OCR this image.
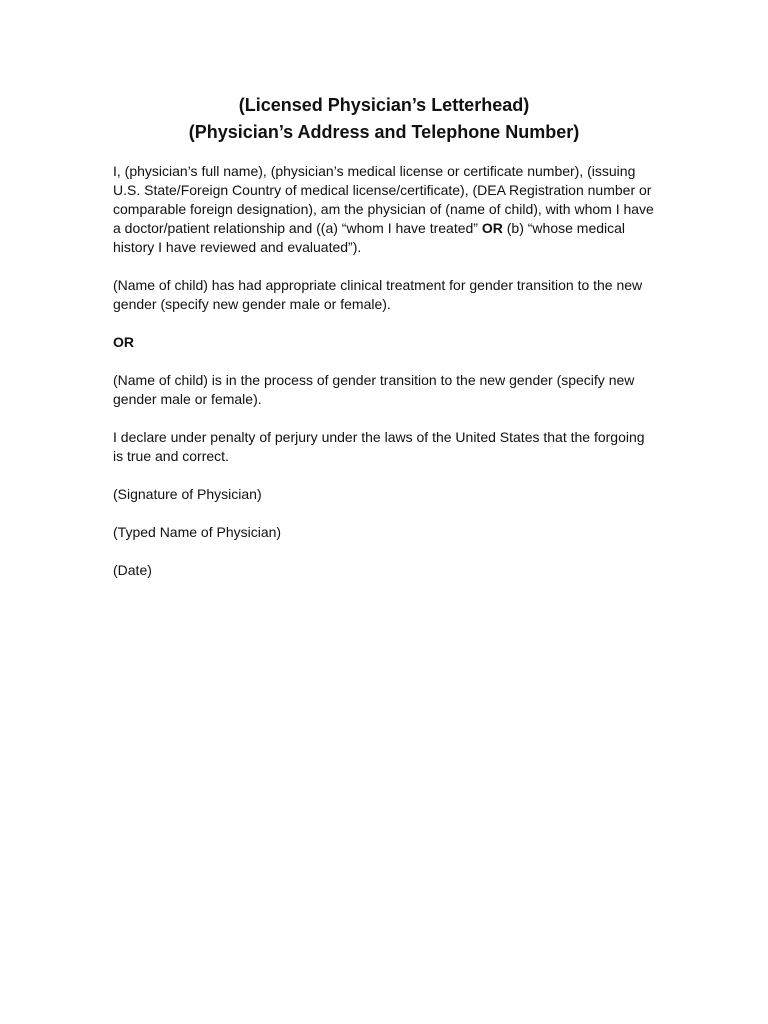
(Licensed Physician’s Letterhead)

(Physician’s Address and Telephone Number)

I, (physician’s full name), (physician’s medical license or certificate number), (issuing U.S. State/Foreign Country of medical license/certificate), (DEA Registration number or comparable foreign designation), am the physician of (name of child), with whom I have a doctor/patient relationship and ((a) “whom I have treated” OR (b) “whose medical history I have reviewed and evaluated”).

(Name of child) has had appropriate clinical treatment for gender transition to the new gender (specify new gender male or female).

OR

(Name of child) is in the process of gender transition to the new gender (specify new gender male or female).

I declare under penalty of perjury under the laws of the United States that the forgoing is true and correct.

(Signature of Physician)

(Typed Name of Physician)

(Date)
